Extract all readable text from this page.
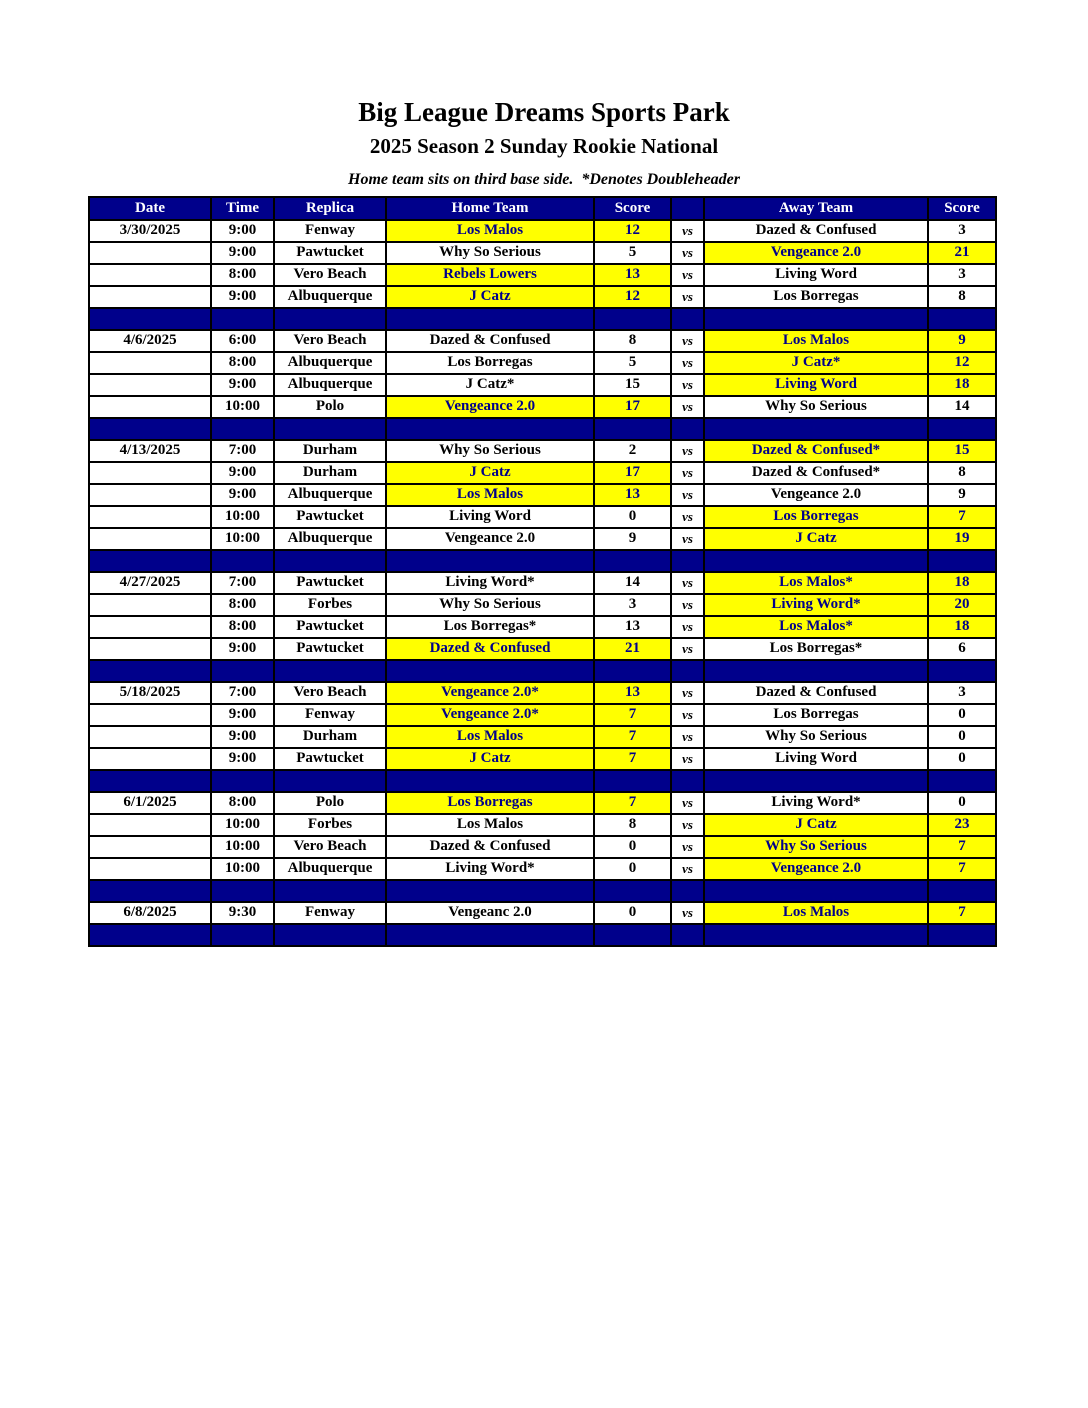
Big League Dreams Sports Park
2025 Season 2 Sunday Rookie National
Home team sits on third base side.  *Denotes Doubleheader
Date	Time	Replica	Home Team	Score		Away Team	Score
3/30/2025	9:00	Fenway	Los Malos	12	vs	Dazed & Confused	3
	9:00	Pawtucket	Why So Serious	5	vs	Vengeance 2.0	21
	8:00	Vero Beach	Rebels Lowers	13	vs	Living Word	3
	9:00	Albuquerque	J Catz	12	vs	Los Borregas	8

4/6/2025	6:00	Vero Beach	Dazed & Confused	8	vs	Los Malos	9
	8:00	Albuquerque	Los Borregas	5	vs	J Catz*	12
	9:00	Albuquerque	J Catz*	15	vs	Living Word	18
	10:00	Polo	Vengeance 2.0	17	vs	Why So Serious	14

4/13/2025	7:00	Durham	Why So Serious	2	vs	Dazed & Confused*	15
	9:00	Durham	J Catz	17	vs	Dazed & Confused*	8
	9:00	Albuquerque	Los Malos	13	vs	Vengeance 2.0	9
	10:00	Pawtucket	Living Word	0	vs	Los Borregas	7
	10:00	Albuquerque	Vengeance 2.0	9	vs	J Catz	19

4/27/2025	7:00	Pawtucket	Living Word*	14	vs	Los Malos*	18
	8:00	Forbes	Why So Serious	3	vs	Living Word*	20
	8:00	Pawtucket	Los Borregas*	13	vs	Los Malos*	18
	9:00	Pawtucket	Dazed & Confused	21	vs	Los Borregas*	6

5/18/2025	7:00	Vero Beach	Vengeance 2.0*	13	vs	Dazed & Confused	3
	9:00	Fenway	Vengeance 2.0*	7	vs	Los Borregas	0
	9:00	Durham	Los Malos	7	vs	Why So Serious	0
	9:00	Pawtucket	J Catz	7	vs	Living Word	0

6/1/2025	8:00	Polo	Los Borregas	7	vs	Living Word*	0
	10:00	Forbes	Los Malos	8	vs	J Catz	23
	10:00	Vero Beach	Dazed & Confused	0	vs	Why So Serious	7
	10:00	Albuquerque	Living Word*	0	vs	Vengeance 2.0	7

6/8/2025	9:30	Fenway	Vengeanc 2.0	0	vs	Los Malos	7
